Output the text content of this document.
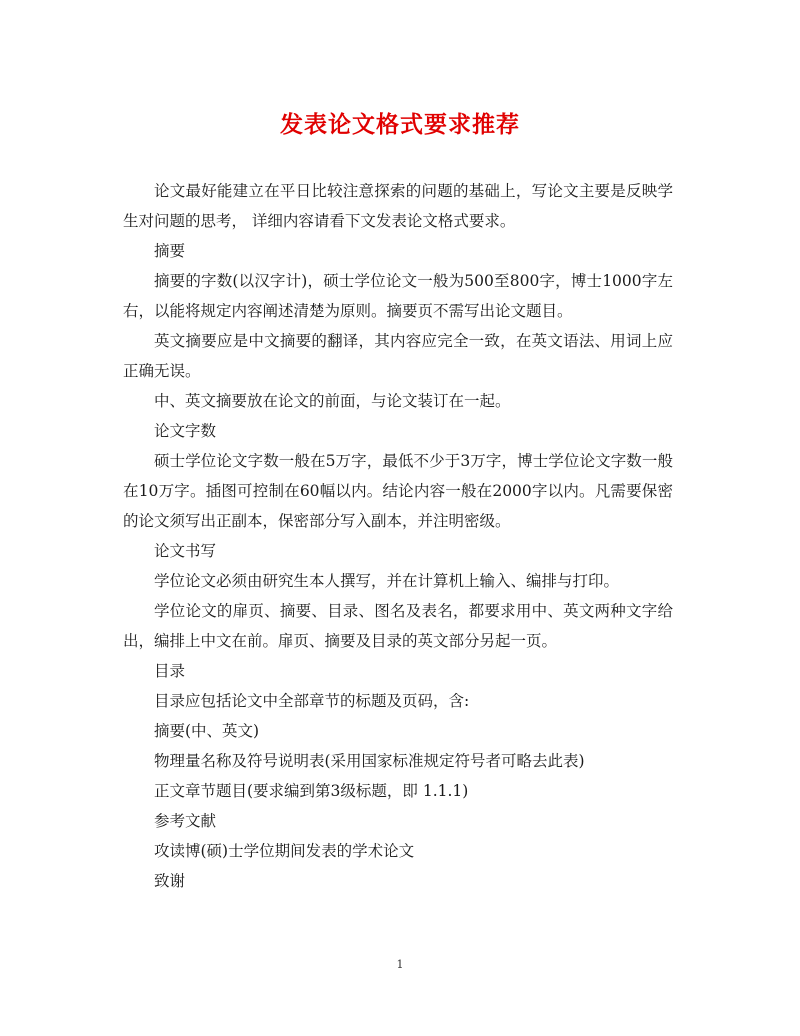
发表论文格式要求推荐

论文最好能建立在平日比较注意探索的问题的基础上，写论文主要是反映学生对问题的思考， 详细内容请看下文发表论文格式要求。

摘要

摘要的字数(以汉字计)，硕士学位论文一般为500至800字，博士1000字左右，以能将规定内容阐述清楚为原则。摘要页不需写出论文题目。

英文摘要应是中文摘要的翻译，其内容应完全一致，在英文语法、用词上应正确无误。

中、英文摘要放在论文的前面，与论文装订在一起。

论文字数

硕士学位论文字数一般在5万字，最低不少于3万字，博士学位论文字数一般在10万字。插图可控制在60幅以内。结论内容一般在2000字以内。凡需要保密的论文须写出正副本，保密部分写入副本，并注明密级。

论文书写

学位论文必须由研究生本人撰写，并在计算机上输入、编排与打印。

学位论文的扉页、摘要、目录、图名及表名，都要求用中、英文两种文字给出，编排上中文在前。扉页、摘要及目录的英文部分另起一页。

目录

目录应包括论文中全部章节的标题及页码，含:

摘要(中、英文)

物理量名称及符号说明表(采用国家标准规定符号者可略去此表)

正文章节题目(要求编到第3级标题，即 1.1.1)

参考文献

攻读博(硕)士学位期间发表的学术论文

致谢

1
